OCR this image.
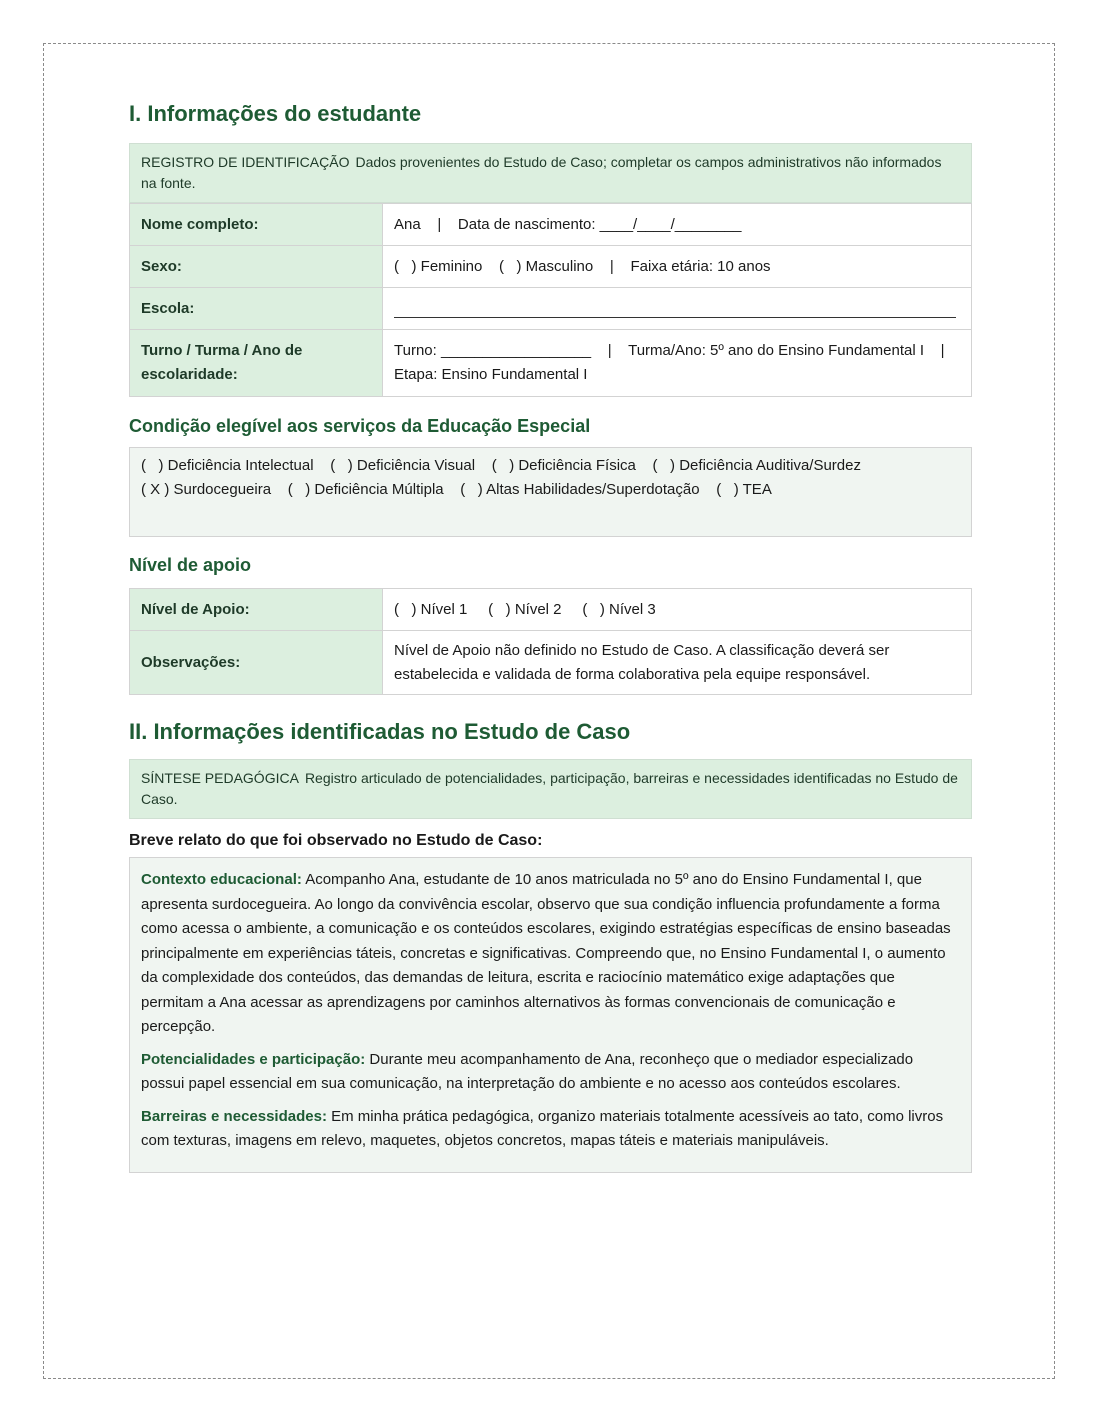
I. Informações do estudante
REGISTRO DE IDENTIFICAÇÃO Dados provenientes do Estudo de Caso; completar os campos administrativos não informados na fonte.
Nome completo:	Ana    |    Data de nascimento: ____/____/________
Sexo:	(   ) Feminino    (   ) Masculino    |    Faixa etária: 10 anos
Escola:	
Turno / Turma / Ano de escolaridade:	Turno: __________________    |    Turma/Ano: 5º ano do Ensino Fundamental I    |    Etapa: Ensino Fundamental I
Condição elegível aos serviços da Educação Especial
(   ) Deficiência Intelectual    (   ) Deficiência Visual    (   ) Deficiência Física    (   ) Deficiência Auditiva/Surdez
( X ) Surdocegueira    (   ) Deficiência Múltipla    (   ) Altas Habilidades/Superdotação    (   ) TEA
Nível de apoio
Nível de Apoio:	(   ) Nível 1     (   ) Nível 2     (   ) Nível 3
Observações:	Nível de Apoio não definido no Estudo de Caso. A classificação deverá ser estabelecida e validada de forma colaborativa pela equipe responsável.
II. Informações identificadas no Estudo de Caso
SÍNTESE PEDAGÓGICA Registro articulado de potencialidades, participação, barreiras e necessidades identificadas no Estudo de Caso.
Breve relato do que foi observado no Estudo de Caso:

Contexto educacional: Acompanho Ana, estudante de 10 anos matriculada no 5º ano do Ensino Fundamental I, que apresenta surdocegueira. Ao longo da convivência escolar, observo que sua condição influencia profundamente a forma como acessa o ambiente, a comunicação e os conteúdos escolares, exigindo estratégias específicas de ensino baseadas principalmente em experiências táteis, concretas e significativas. Compreendo que, no Ensino Fundamental I, o aumento da complexidade dos conteúdos, das demandas de leitura, escrita e raciocínio matemático exige adaptações que permitam a Ana acessar as aprendizagens por caminhos alternativos às formas convencionais de comunicação e percepção.

Potencialidades e participação: Durante meu acompanhamento de Ana, reconheço que o mediador especializado possui papel essencial em sua comunicação, na interpretação do ambiente e no acesso aos conteúdos escolares.

Barreiras e necessidades: Em minha prática pedagógica, organizo materiais totalmente acessíveis ao tato, como livros com texturas, imagens em relevo, maquetes, objetos concretos, mapas táteis e materiais manipuláveis.
